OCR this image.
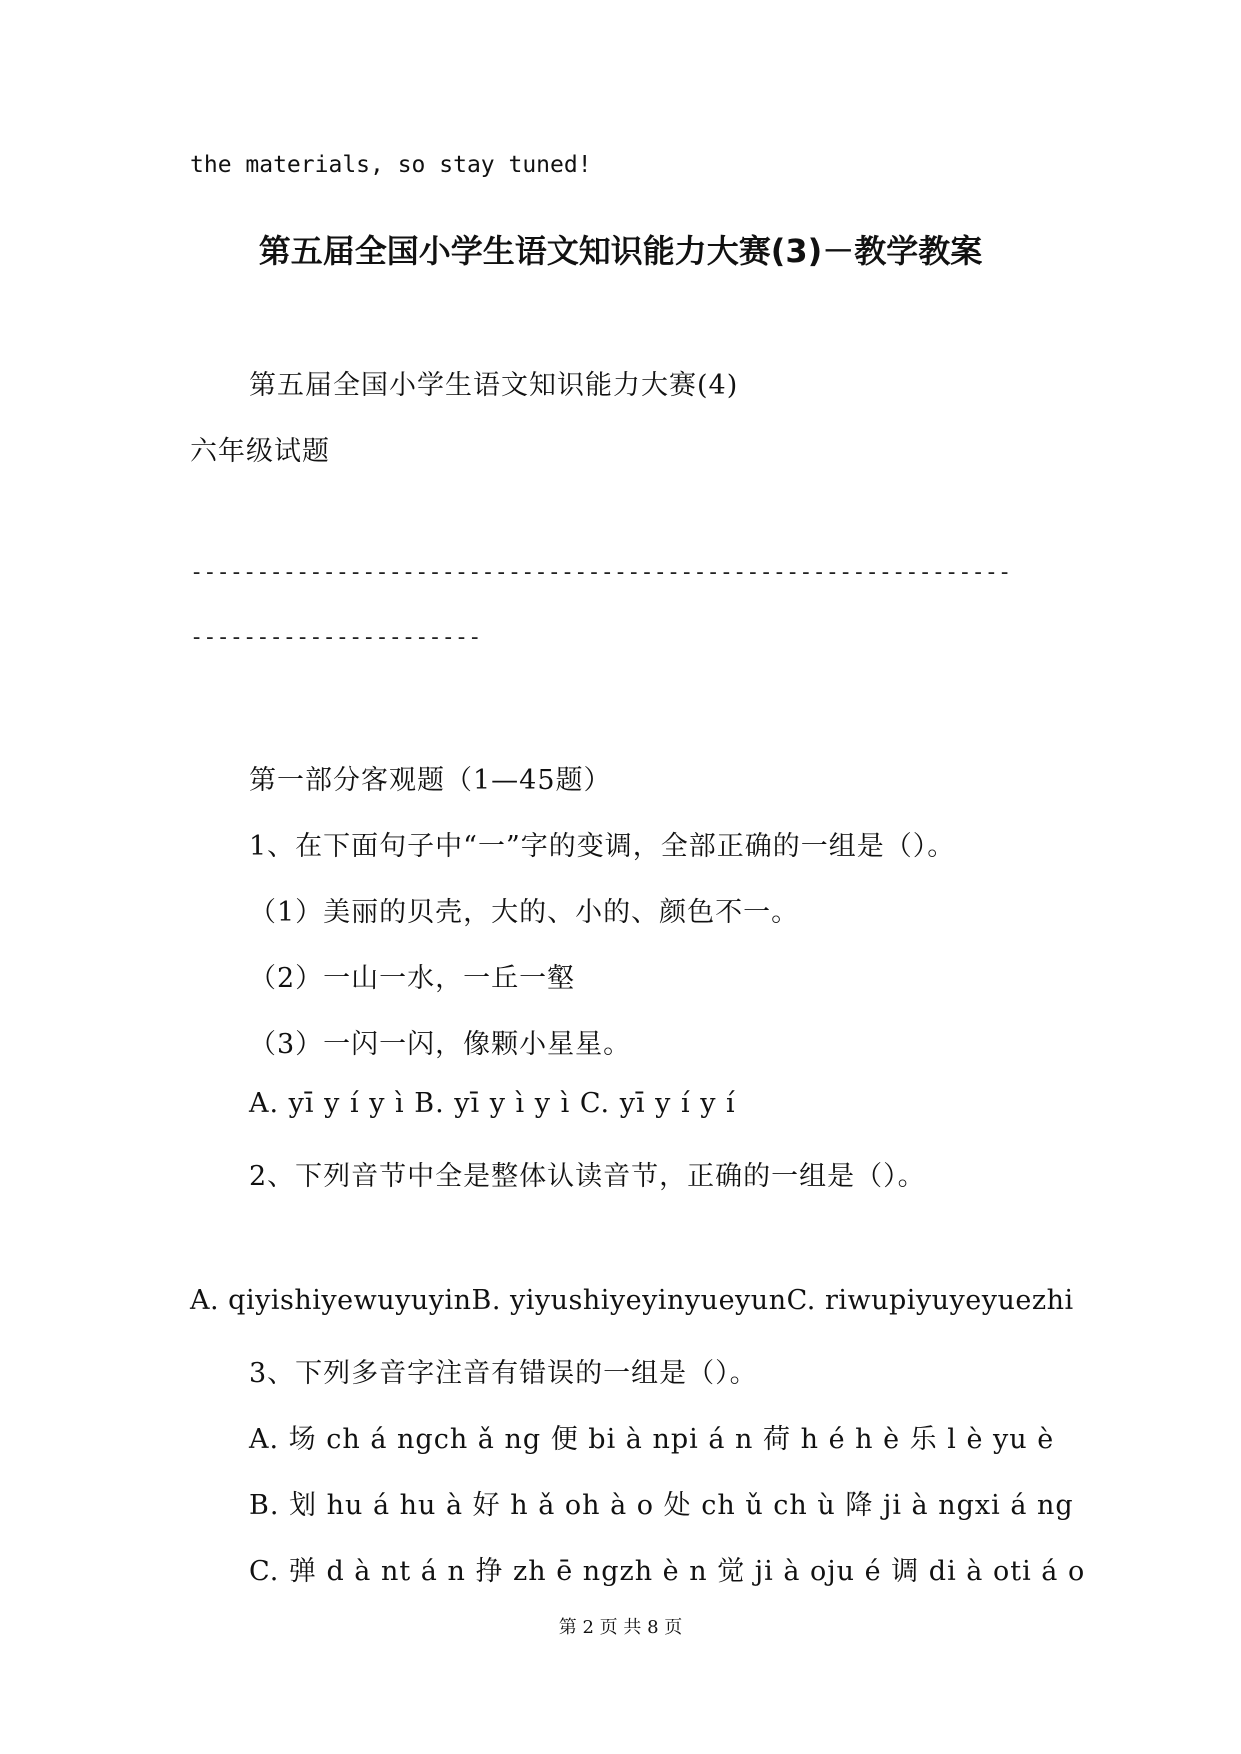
the materials, so stay tuned!
第五届全国小学生语文知识能力大赛(3)－教学教案
第五届全国小学生语文知识能力大赛(4)
六年级试题
--------------------------------------------------------------
----------------------
第一部分客观题（1—45题）
1、在下面句子中“一”字的变调，全部正确的一组是（）。
（1）美丽的贝壳，大的、小的、颜色不一。
（2）一山一水，一丘一壑
（3）一闪一闪，像颗小星星。
A. yī y í y ì B. yī y ì y ì C. yī y í y í
2、下列音节中全是整体认读音节，正确的一组是（）。
A. qiyishiyewuyuyinB. yiyushiyeyinyueyunC. riwupiyuyeyuezhi
3、下列多音字注音有错误的一组是（）。
A. 场 ch á ngch ǎ ng 便 bi à npi á n 荷 h é h è 乐 l è yu è
B. 划 hu á hu à 好 h ǎ oh à o 处 ch ǔ ch ù 降 ji à ngxi á ng
C. 弹 d à nt á n 挣 zh ē ngzh è n 觉 ji à oju é 调 di à oti á o
第 2 页 共 8 页
